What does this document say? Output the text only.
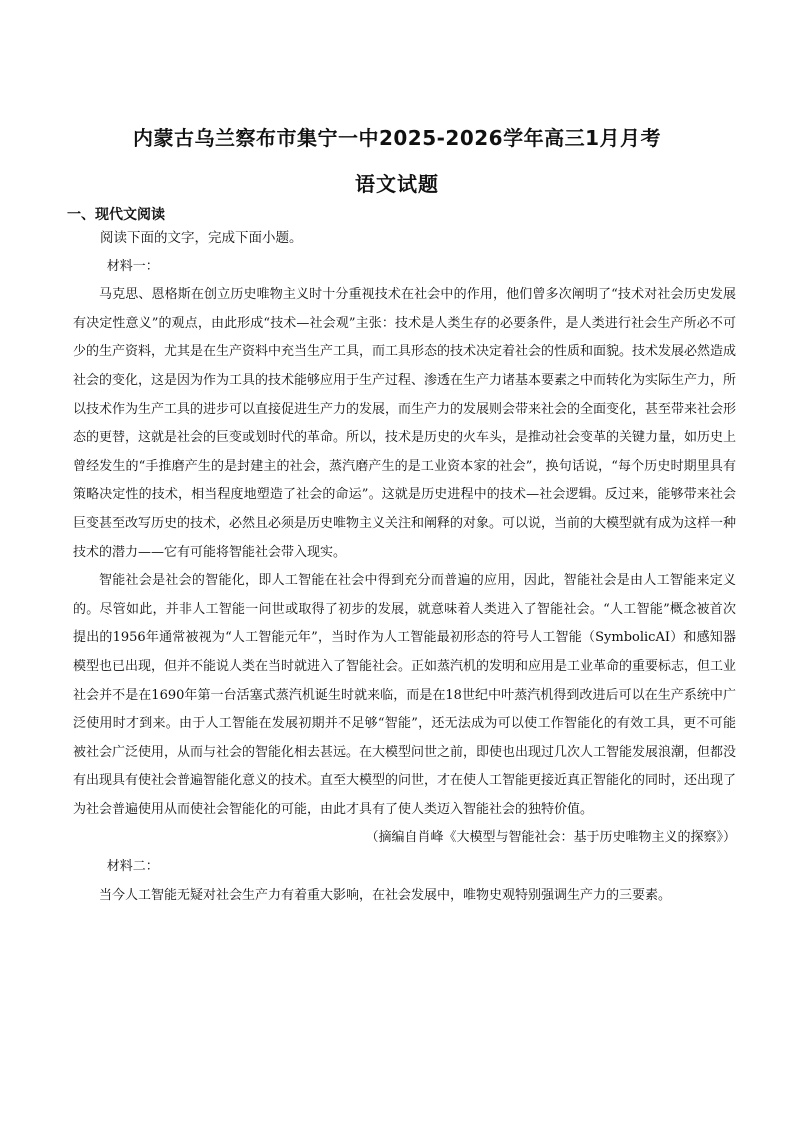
内蒙古乌兰察布市集宁一中2025-2026学年高三1月月考
语文试题
一、现代文阅读

阅读下面的文字，完成下面小题。

材料一：

马克思、恩格斯在创立历史唯物主义时十分重视技术在社会中的作用，他们曾多次阐明了“技术对社会历史发展有决定性意义”的观点，由此形成“技术—社会观”主张：技术是人类生存的必要条件，是人类进行社会生产所必不可少的生产资料，尤其是在生产资料中充当生产工具，而工具形态的技术决定着社会的性质和面貌。技术发展必然造成社会的变化，这是因为作为工具的技术能够应用于生产过程、渗透在生产力诸基本要素之中而转化为实际生产力，所以技术作为生产工具的进步可以直接促进生产力的发展，而生产力的发展则会带来社会的全面变化，甚至带来社会形态的更替，这就是社会的巨变或划时代的革命。所以，技术是历史的火车头，是推动社会变革的关键力量，如历史上曾经发生的“手推磨产生的是封建主的社会，蒸汽磨产生的是工业资本家的社会”，换句话说，“每个历史时期里具有策略决定性的技术，相当程度地塑造了社会的命运”。这就是历史进程中的技术—社会逻辑。反过来，能够带来社会巨变甚至改写历史的技术，必然且必须是历史唯物主义关注和阐释的对象。可以说，当前的大模型就有成为这样一种技术的潜力——它有可能将智能社会带入现实。

智能社会是社会的智能化，即人工智能在社会中得到充分而普遍的应用，因此，智能社会是由人工智能来定义的。尽管如此，并非人工智能一问世或取得了初步的发展，就意味着人类进入了智能社会。“人工智能”概念被首次提出的1956年通常被视为“人工智能元年”，当时作为人工智能最初形态的符号人工智能（SymbolicAI）和感知器模型也已出现，但并不能说人类在当时就进入了智能社会。正如蒸汽机的发明和应用是工业革命的重要标志，但工业社会并不是在1690年第一台活塞式蒸汽机诞生时就来临，而是在18世纪中叶蒸汽机得到改进后可以在生产系统中广泛使用时才到来。由于人工智能在发展初期并不足够“智能”，还无法成为可以使工作智能化的有效工具，更不可能被社会广泛使用，从而与社会的智能化相去甚远。在大模型问世之前，即使也出现过几次人工智能发展浪潮，但都没有出现具有使社会普遍智能化意义的技术。直至大模型的问世，才在使人工智能更接近真正智能化的同时，还出现了为社会普遍使用从而使社会智能化的可能，由此才具有了使人类迈入智能社会的独特价值。

（摘编自肖峰《大模型与智能社会：基于历史唯物主义的探察》）

材料二：

当今人工智能无疑对社会生产力有着重大影响，在社会发展中，唯物史观特别强调生产力的三要素。
